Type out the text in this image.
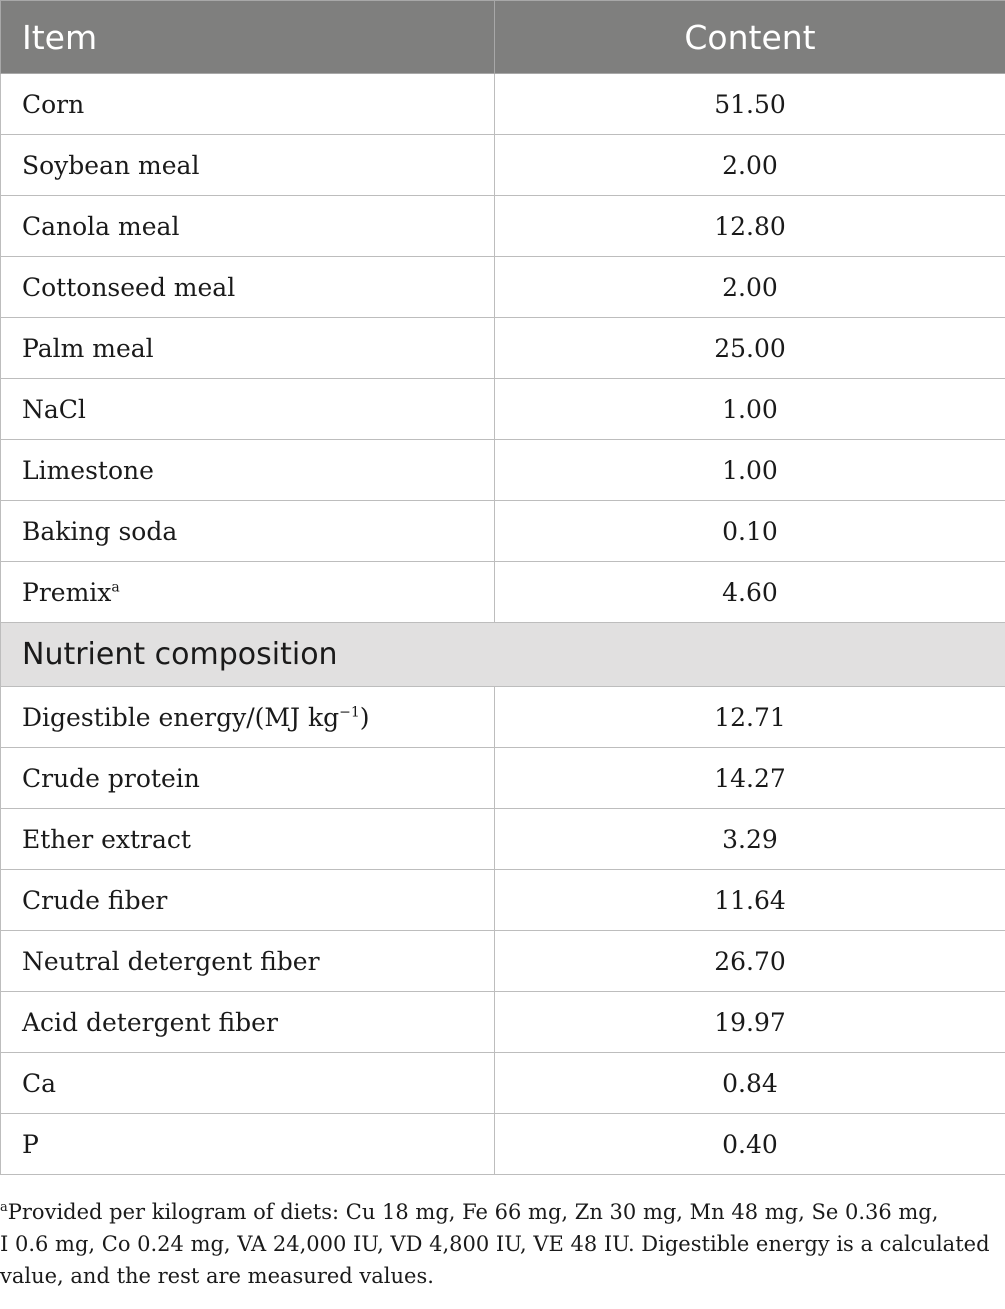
Item	Content
Corn	51.50
Soybean meal	2.00
Canola meal	12.80
Cottonseed meal	2.00
Palm meal	25.00
NaCl	1.00
Limestone	1.00
Baking soda	0.10
Premix$^a$	4.60
Nutrient composition	
Digestible energy/(MJ $kg^{-1}$)	12.71
Crude protein	14.27
Ether extract	3.29
Crude fiber	11.64
Neutral detergent fiber	26.70
Acid detergent fiber	19.97
Ca	0.84
P	0.40
$^a$Provided per kilogram of diets: Cu 18 mg, Fe 66 mg, Zn 30 mg, Mn 48 mg, Se 0.36 mg,
I 0.6 mg, Co 0.24 mg, VA 24,000 IU, VD 4,800 IU, VE 48 IU. Digestible energy is a calculated
value, and the rest are measured values.
